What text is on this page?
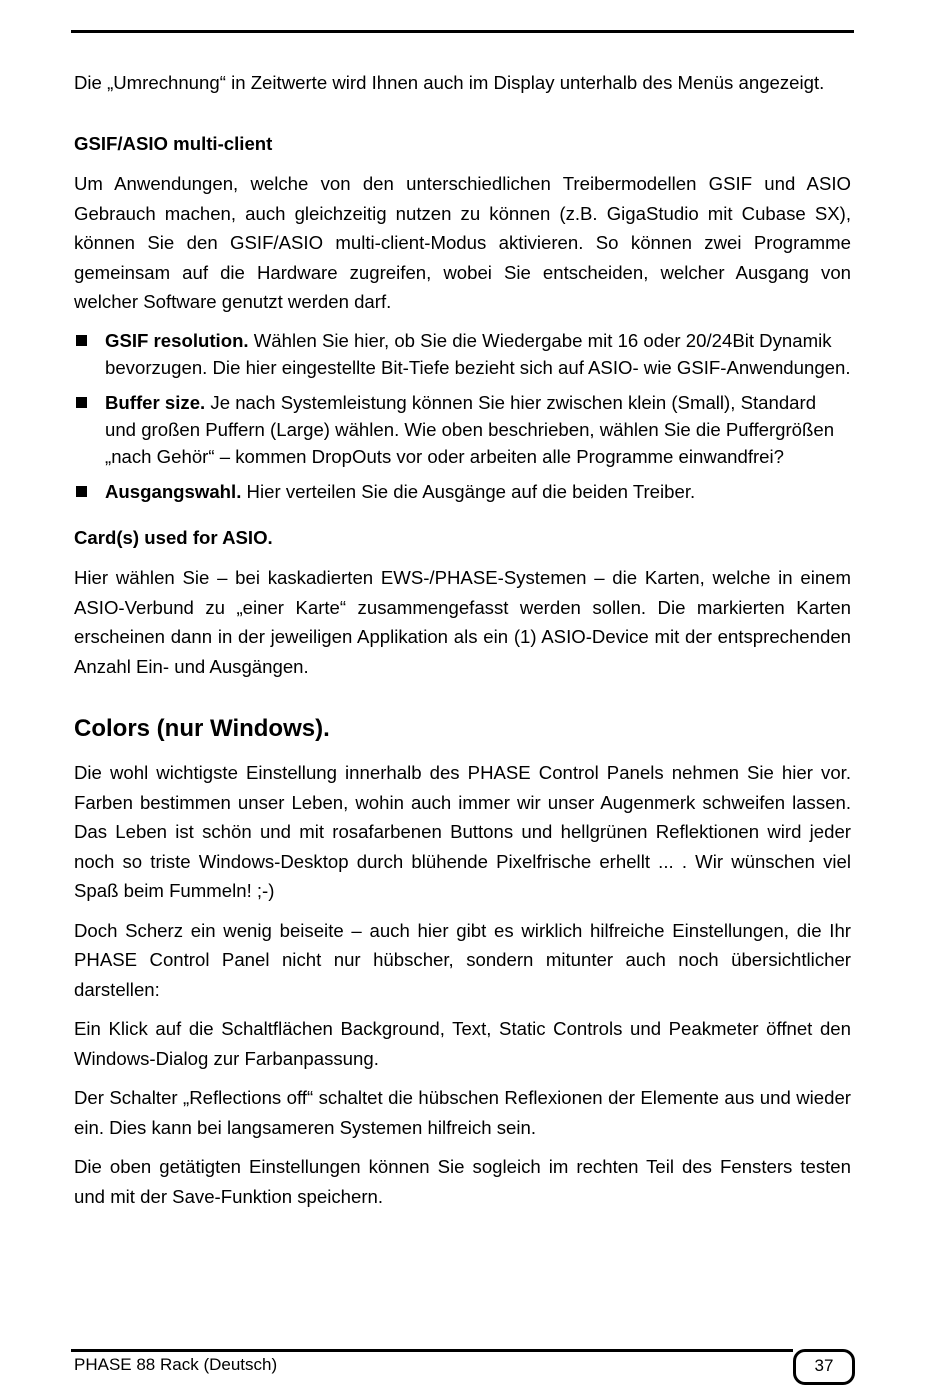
Die „Umrechnung“ in Zeitwerte wird Ihnen auch im Display unterhalb des Menüs angezeigt.

GSIF/ASIO multi-client

Um Anwendungen, welche von den unterschiedlichen Treibermodellen GSIF und ASIO Gebrauch machen, auch gleichzeitig nutzen zu können (z.B. GigaStudio mit Cubase SX), können Sie den GSIF/ASIO multi-client-Modus aktivieren. So können zwei Programme gemeinsam auf die Hardware zugreifen, wobei Sie entscheiden, welcher Ausgang von welcher Software genutzt werden darf.

GSIF resolution. Wählen Sie hier, ob Sie die Wiedergabe mit 16 oder 20/24Bit Dynamik bevorzugen. Die hier eingestellte Bit-Tiefe bezieht sich auf ASIO- wie GSIF-Anwendungen.
Buffer size. Je nach Systemleistung können Sie hier zwischen klein (Small), Standard und großen Puffern (Large) wählen. Wie oben beschrieben, wählen Sie die Puffergrößen „nach Gehör“ – kommen DropOuts vor oder arbeiten alle Programme einwandfrei?
Ausgangswahl. Hier verteilen Sie die Ausgänge auf die beiden Treiber.
Card(s) used for ASIO.

Hier wählen Sie – bei kaskadierten EWS-/PHASE-Systemen – die Karten, welche in einem ASIO-Verbund zu „einer Karte“ zusammengefasst werden sollen. Die markierten Karten erscheinen dann in der jeweiligen Applikation als ein (1) ASIO-Device mit der entsprechenden Anzahl Ein- und Ausgängen.

Colors (nur Windows).

Die wohl wichtigste Einstellung innerhalb des PHASE Control Panels nehmen Sie hier vor. Farben bestimmen unser Leben, wohin auch immer wir unser Augenmerk schweifen lassen. Das Leben ist schön und mit rosafarbenen Buttons und hellgrünen Reflektionen wird jeder noch so triste Windows-Desktop durch blühende Pixelfrische erhellt ... . Wir wünschen viel Spaß beim Fummeln! ;-)

Doch Scherz ein wenig beiseite – auch hier gibt es wirklich hilfreiche Einstellungen, die Ihr PHASE Control Panel nicht nur hübscher, sondern mitunter auch noch übersichtlicher darstellen:

Ein Klick auf die Schaltflächen Background, Text, Static Controls und Peakmeter öffnet den Windows-Dialog zur Farbanpassung.

Der Schalter „Reflections off“ schaltet die hübschen Reflexionen der Elemente aus und wieder ein. Dies kann bei langsameren Systemen hilfreich sein.

Die oben getätigten Einstellungen können Sie sogleich im rechten Teil des Fensters testen und mit der Save-Funktion speichern.

PHASE 88 Rack (Deutsch)	37
